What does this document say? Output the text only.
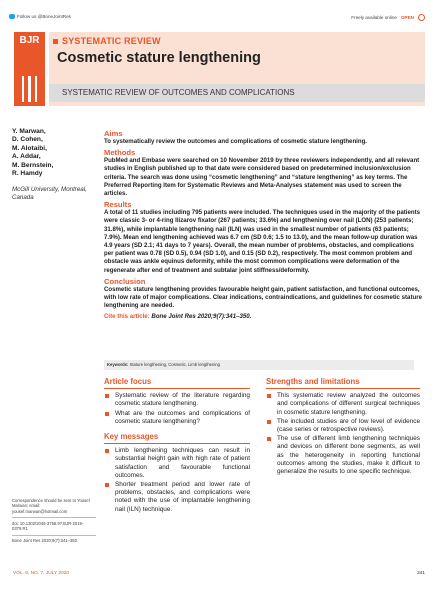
Follow us @BoneJointRes	Freely available online OPEN
BJR	SYSTEMATIC REVIEW
Cosmetic stature lengthening
SYSTEMATIC REVIEW OF OUTCOMES AND COMPLICATIONS
Y. Marwan,
D. Cohen,
M. Alotaibi,
A. Addar,
M. Bernstein,
R. Hamdy
McGill University, Montreal, Canada
Aims

To systematically review the outcomes and complications of cosmetic stature lengthening.

Methods

PubMed and Embase were searched on 10 November 2019 by three reviewers independently, and all relevant studies in English published up to that date were considered based on predetermined inclusion/exclusion criteria. The search was done using “cosmetic lengthening” and “stature lengthening” as key terms. The Preferred Reporting Item for Systematic Reviews and Meta-Analyses statement was used to screen the articles.

Results

A total of 11 studies including 795 patients were included. The techniques used in the majority of the patients were classic 3- or 4-ring Ilizarov fixator (267 patients; 33.6%) and lengthening over nail (LON) (253 patients; 31.8%), while implantable lengthening nail (ILN) was used in the smallest number of patients (63 patients; 7.9%). Mean end lengthening achieved was 6.7 cm (SD 0.6; 1.5 to 13.0), and the mean follow-up duration was 4.9 years (SD 2.1; 41 days to 7 years). Overall, the mean number of problems, obstacles, and complications per patient was 0.78 (SD 0.5), 0.94 (SD 1.0), and 0.15 (SD 0.2), respectively. The most common problem and obstacle was ankle equinus deformity, while the most common complications were deformation of the regenerate after end of treatment and subtalar joint stiffness/deformity.

Conclusion

Cosmetic stature lengthening provides favourable height gain, patient satisfaction, and functional outcomes, with low rate of major complications. Clear indications, contraindications, and guidelines for cosmetic stature lengthening are needed.

Cite this article: Bone Joint Res 2020;9(7):341–350.
Keywords: Stature lengthening, Cosmetic, Limb lengthening
Article focus
Systematic review of the literature regarding cosmetic stature lengthening.
What are the outcomes and complications of cosmetic stature lengthening?
Key messages
Limb lengthening techniques can result in substantial height gain with high rate of patient satisfaction and favourable functional outcomes.
Shorter treatment period and lower rate of problems, obstacles, and complications were noted with the use of implantable lengthening nail (ILN) technique.
Strengths and limitations
This systematic review analyzed the outcomes and complications of different surgical techniques in cosmetic stature lengthening.
The included studies are of low level of evidence (case series or retrospective reviews).
The use of different limb lengthening techniques and devices on different bone segments, as well as the heterogeneity in reporting functional outcomes among the studies, make it difficult to generalize the results to one specific technique.
Correspondence should be sent to Yousef Marwan; email: yousef.marwan@hotmail.com
doi: 10.1302/2046-3758.97.BJR-2019-0379.R1
Bone Joint Res 2020;9(7):341–350.
VOL. 9, NO. 7, JULY 2020	341
